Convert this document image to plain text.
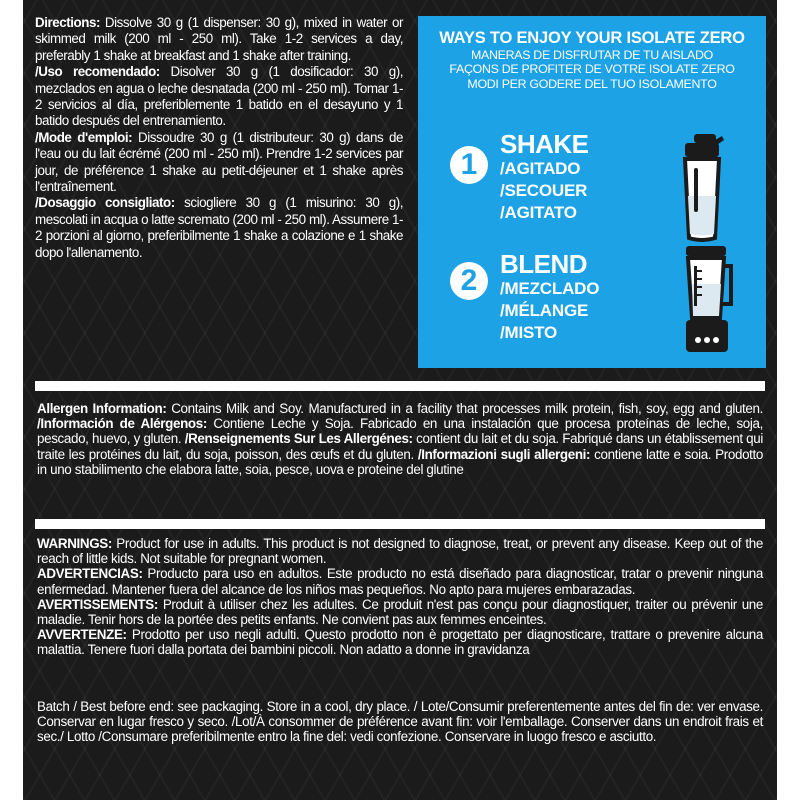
Directions: Dissolve 30 g (1 dispenser: 30 g), mixed in water or skimmed milk (200 ml - 250 ml). Take 1-2 services a day, preferably 1 shake at breakfast and 1 shake after training.

/Uso recomendado: Disolver 30 g (1 dosificador: 30 g), mezclados en agua o leche desnatada (200 ml - 250 ml). Tomar 1-2 servicios al día, preferiblemente 1 batido en el desayuno y 1 batido después del entrenamiento.

/Mode d'emploi: Dissoudre 30 g (1 distributeur: 30 g) dans de l'eau ou du lait écrémé (200 ml - 250 ml). Prendre 1-2 services par jour, de préférence 1 shake au petit-déjeuner et 1 shake après l'entraînement.

/Dosaggio consigliato: sciogliere 30 g (1 misurino: 30 g), mescolati in acqua o latte scremato (200 ml - 250 ml). Assumere 1-2 porzioni al giorno, preferibilmente 1 shake a colazione e 1 shake dopo l'allenamento.

WAYS TO ENJOY YOUR ISOLATE ZERO
MANERAS DE DISFRUTAR DE TU AISLADO
FAÇONS DE PROFITER DE VOTRE ISOLATE ZERO
MODI PER GODERE DEL TUO ISOLAMENTO
1
SHAKE
/AGITADO
/SECOUER
/AGITATO
2 BLEND
/MEZCLADO
/MÉLANGE
/MISTO

Allergen Information: Contains Milk and Soy. Manufactured in a facility that processes milk protein, fish, soy, egg and gluten. /Información de Alérgenos: Contiene Leche y Soja. Fabricado en una instalación que procesa proteínas de leche, soja, pescado, huevo, y gluten. /Renseignements Sur Les Allergénes: contient du lait et du soja. Fabriqué dans un établissement qui traite les protéines du lait, du soja, poisson, des œufs et du gluten. /Informazioni sugli allergeni: contiene latte e soia. Prodotto in uno stabilimento che elabora latte, soia, pesce, uova e proteine del glutine

WARNINGS: Product for use in adults. This product is not designed to diagnose, treat, or prevent any disease. Keep out of the reach of little kids. Not suitable for pregnant women.

ADVERTENCIAS: Producto para uso en adultos. Este producto no está diseñado para diagnosticar, tratar o prevenir ninguna enfermedad. Mantener fuera del alcance de los niños mas pequeños. No apto para mujeres embarazadas.

AVERTISSEMENTS: Produit à utiliser chez les adultes. Ce produit n'est pas conçu pour diagnostiquer, traiter ou prévenir une maladie. Tenir hors de la portée des petits enfants. Ne convient pas aux femmes enceintes.

AVVERTENZE: Prodotto per uso negli adulti. Questo prodotto non è progettato per diagnosticare, trattare o prevenire alcuna malattia. Tenere fuori dalla portata dei bambini piccoli. Non adatto a donne in gravidanza

Batch / Best before end: see packaging. Store in a cool, dry place. / Lote/Consumir preferentemente antes del fin de: ver envase. Conservar en lugar fresco y seco. /Lot/À consommer de préférence avant fin: voir l'emballage. Conserver dans un endroit frais et sec./ Lotto /Consumare preferibilmente entro la fine del: vedi confezione. Conservare in luogo fresco e asciutto.
